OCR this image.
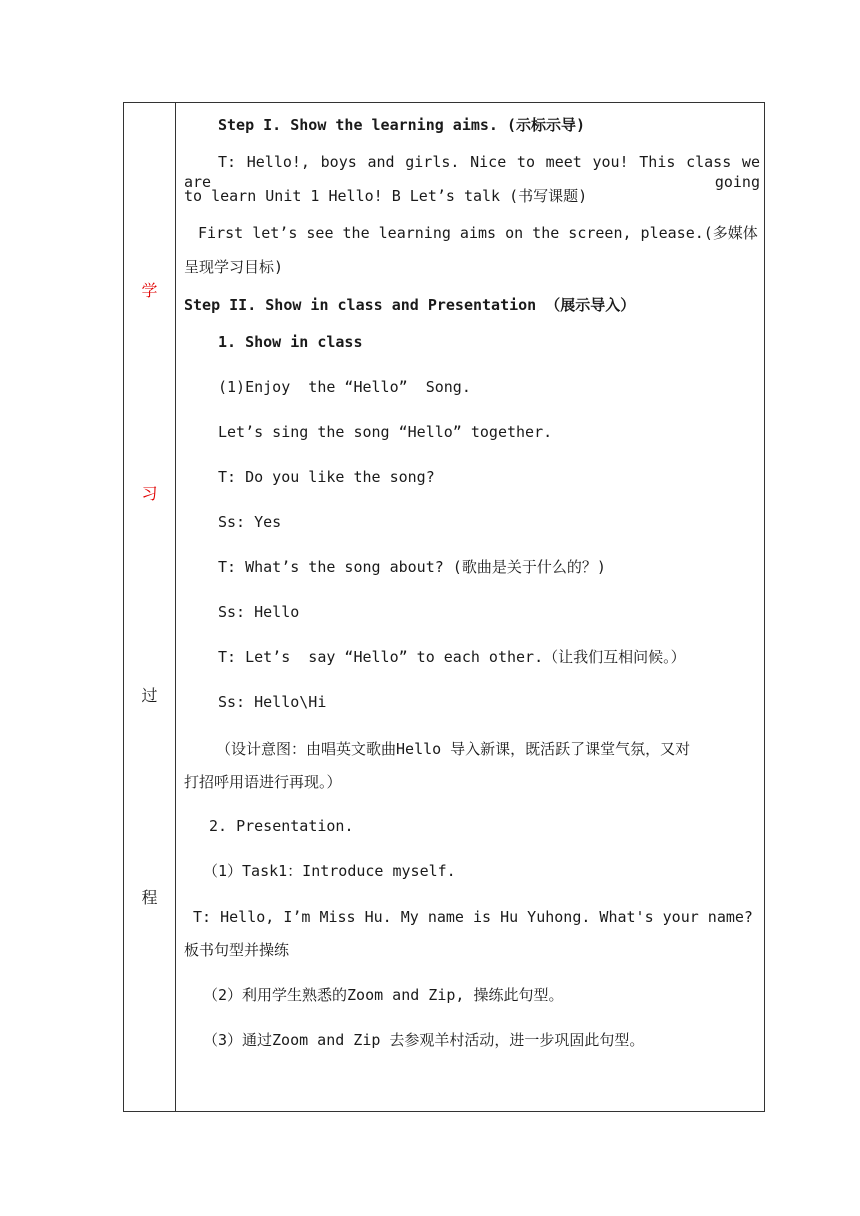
学
习
过
程
Step I. Show the learning aims. (示标示导)
T: Hello!, boys and girls. Nice to meet you! This class we are going
to learn Unit 1 Hello! B Let’s talk (书写课题)
First let’s see the learning aims on the screen, please.(多媒体
呈现学习目标)
Step II. Show in class and Presentation （展示导入）
1. Show in class
(1)Enjoy  the “Hello”  Song.
Let’s sing the song “Hello” together.
T: Do you like the song?
Ss: Yes
T: What’s the song about? (歌曲是关于什么的？)
Ss: Hello
T: Let’s  say “Hello” to each other.（让我们互相问候。）
Ss: Hello\Hi
（设计意图：由唱英文歌曲Hello 导入新课，既活跃了课堂气氛，又对
打招呼用语进行再现。）
2. Presentation.
（1）Task1：Introduce myself.
T: Hello, I’m Miss Hu. My name is Hu Yuhong. What's your name?
板书句型并操练
（2）利用学生熟悉的Zoom and Zip, 操练此句型。
（3）通过Zoom and Zip 去参观羊村活动，进一步巩固此句型。
